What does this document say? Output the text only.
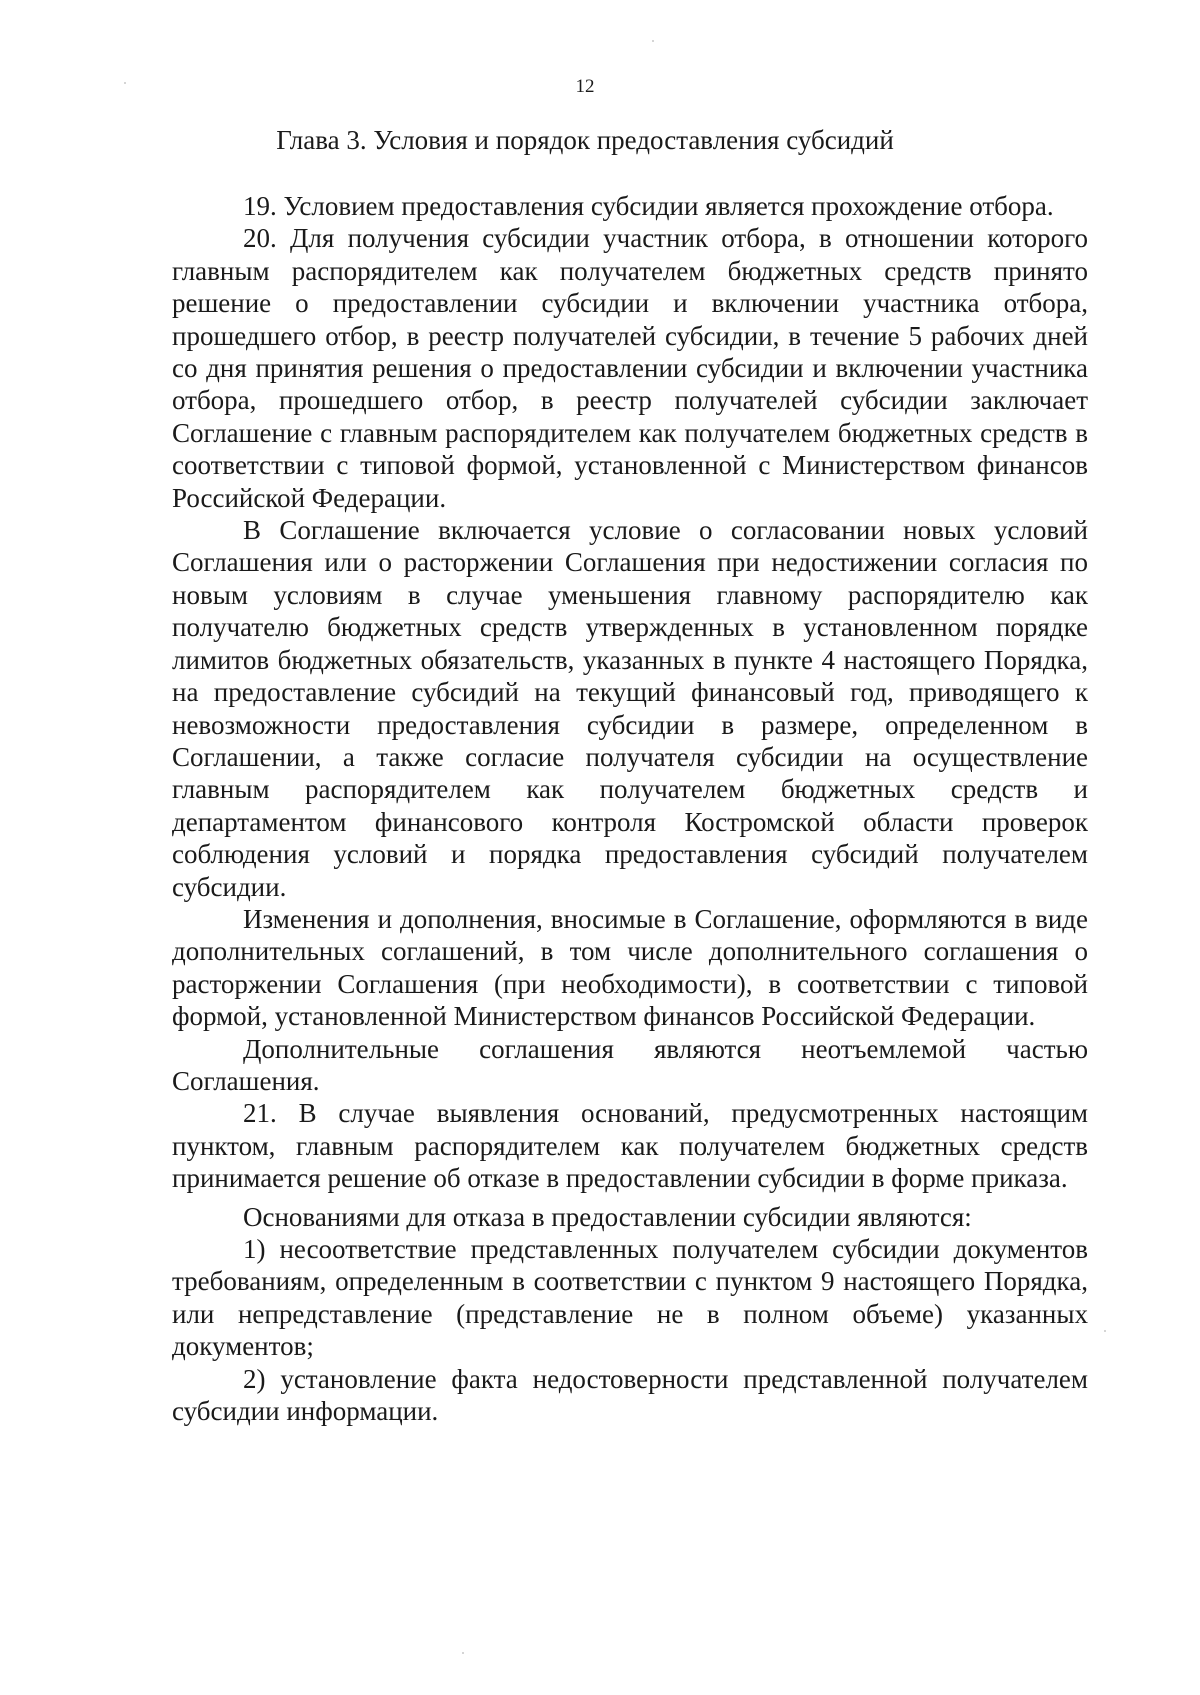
12
Глава 3. Условия и порядок предоставления субсидий

19. Условием предоставления субсидии является прохождение отбора.

20. Для получения субсидии участник отбора, в отношении которого главным распорядителем как получателем бюджетных средств принято решение о предоставлении субсидии и включении участника отбора, прошедшего отбор, в реестр получателей субсидии, в течение 5 рабочих дней со дня принятия решения о предоставлении субсидии и включении участника отбора, прошедшего отбор, в реестр получателей субсидии заключает Соглашение с главным распорядителем как получателем бюджетных средств в соответствии с типовой формой, установленной с Министерством финансов Российской Федерации.

В Соглашение включается условие о согласовании новых условий Соглашения или о расторжении Соглашения при недостижении согласия по новым условиям в случае уменьшения главному распорядителю как получателю бюджетных средств утвержденных в установленном порядке лимитов бюджетных обязательств, указанных в пункте 4 настоящего Порядка, на предоставление субсидий на текущий финансовый год, приводящего к невозможности предоставления субсидии в размере, определенном в Соглашении, а также согласие получателя субсидии на осуществление главным распорядителем как получателем бюджетных средств и департаментом финансового контроля Костромской области проверок соблюдения условий и порядка предоставления субсидий получателем субсидии.

Изменения и дополнения, вносимые в Соглашение, оформляются в виде дополнительных соглашений, в том числе дополнительного соглашения о расторжении Соглашения (при необходимости), в соответствии с типовой формой, установленной Министерством финансов Российской Федерации.

Дополнительные соглашения являются неотъемлемой частью Соглашения.

21. В случае выявления оснований, предусмотренных настоящим пунктом, главным распорядителем как получателем бюджетных средств принимается решение об отказе в предоставлении субсидии в форме приказа.

Основаниями для отказа в предоставлении субсидии являются:

1) несоответствие представленных получателем субсидии документов требованиям, определенным в соответствии с пунктом 9 настоящего Порядка, или непредставление (представление не в полном объеме) указанных документов;

2) установление факта недостоверности представленной получателем субсидии информации.
